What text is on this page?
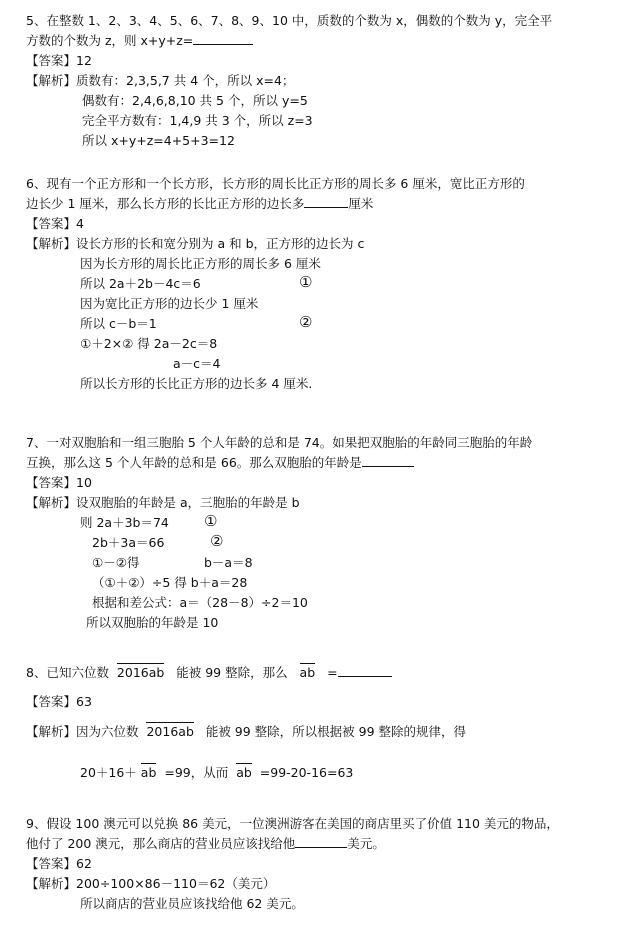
5、在整数 1、2、3、4、5、6、7、8、9、10 中，质数的个数为 x，偶数的个数为 y，完全平
方数的个数为 z，则 x+y+z=
【答案】12
【解析】质数有：2,3,5,7 共 4 个，所以 x=4；
偶数有：2,4,6,8,10 共 5 个，所以 y=5
完全平方数有：1,4,9 共 3 个，所以 z=3
所以 x+y+z=4+5+3=12
6、现有一个正方形和一个长方形，长方形的周长比正方形的周长多 6 厘米，宽比正方形的
边长少 1 厘米，那么长方形的长比正方形的边长多	厘米
【答案】4
【解析】设长方形的长和宽分别为 a 和 b，正方形的边长为 c
因为长方形的周长比正方形的周长多 6 厘米
所以 2a＋2b－4c＝6	①
因为宽比正方形的边长少 1 厘米
所以 c－b＝1	②
①＋2×② 得 2a－2c＝8
a－c＝4
所以长方形的长比正方形的边长多 4 厘米.
7、一对双胞胎和一组三胞胎 5 个人年龄的总和是 74。如果把双胞胎的年龄同三胞胎的年龄
互换，那么这 5 个人年龄的总和是 66。那么双胞胎的年龄是
【答案】10
【解析】设双胞胎的年龄是 a，三胞胎的年龄是 b
则 2a＋3b＝74 ①
2b＋3a＝66	②
①－②得	b－a＝8
（①＋②）÷5 得 b＋a＝28
根据和差公式：a＝（28－8）÷2＝10
所以双胞胎的年龄是 10
8、已知六位数 2016ab 能被 99 整除，那么 ab =
【答案】63
【解析】因为六位数 2016ab 能被 99 整除，所以根据被 99 整除的规律，得
20＋16＋ ab =99，从而 ab =99-20-16=63
9、假设 100 澳元可以兑换 86 美元，一位澳洲游客在美国的商店里买了价值 110 美元的物品，
他付了 200 澳元，那么商店的营业员应该找给他	美元。
【答案】62
【解析】200÷100×86－110＝62（美元）
所以商店的营业员应该找给他 62 美元。
